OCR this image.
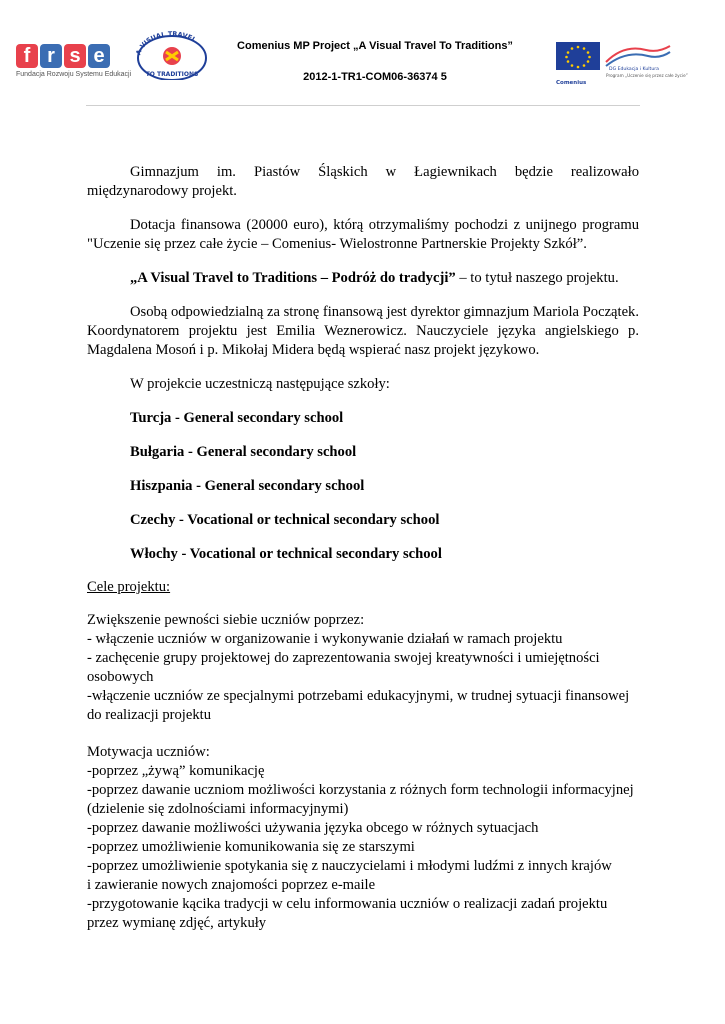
f r s e
Fundacja Rozwoju Systemu Edukacji
A VISUAL TRAVEL
TO TRADITIONS
Comenius MP Project „A Visual Travel To Traditions”
2012-1-TR1-COM06-36374 5
DG Edukacja i Kultura
Program „Uczenie się przez całe życie”
Comenius

Gimnazjum im. Piastów Śląskich w Łagiewnikach będzie realizowało międzynarodowy projekt.

Dotacja finansowa (20000 euro), którą otrzymaliśmy pochodzi z unijnego programu "Uczenie się przez całe życie – Comenius- Wielostronne Partnerskie Projekty Szkół”.

„A Visual Travel to Traditions – Podróż do tradycji” – to tytuł naszego projektu.

Osobą odpowiedzialną za stronę finansową jest dyrektor gimnazjum Mariola Początek. Koordynatorem projektu jest Emilia Weznerowicz. Nauczyciele języka angielskiego p. Magdalena Mosoń i p. Mikołaj Midera będą wspierać nasz projekt językowo.

W projekcie uczestniczą następujące szkoły:

Turcja - General secondary school

Bułgaria - General secondary school

Hiszpania - General secondary school

Czechy - Vocational or technical secondary school

Włochy - Vocational or technical secondary school

Cele projektu:

Zwiększenie pewności siebie uczniów poprzez:

- włączenie uczniów w organizowanie i wykonywanie działań w ramach projektu

- zachęcenie grupy projektowej do zaprezentowania swojej kreatywności i umiejętności osobowych

-włączenie uczniów ze specjalnymi potrzebami edukacyjnymi, w trudnej sytuacji finansowej do realizacji projektu

Motywacja uczniów:

-poprzez „żywą” komunikację

-poprzez dawanie uczniom możliwości korzystania z różnych form technologii informacyjnej (dzielenie się zdolnościami informacyjnymi)

-poprzez dawanie możliwości używania języka obcego w różnych sytuacjach

-poprzez umożliwienie komunikowania się ze starszymi

-poprzez umożliwienie spotykania się z nauczycielami i młodymi ludźmi z innych krajów

i zawieranie nowych znajomości poprzez e-maile

-przygotowanie kącika tradycji w celu informowania uczniów o realizacji zadań projektu przez wymianę zdjęć, artykuły
